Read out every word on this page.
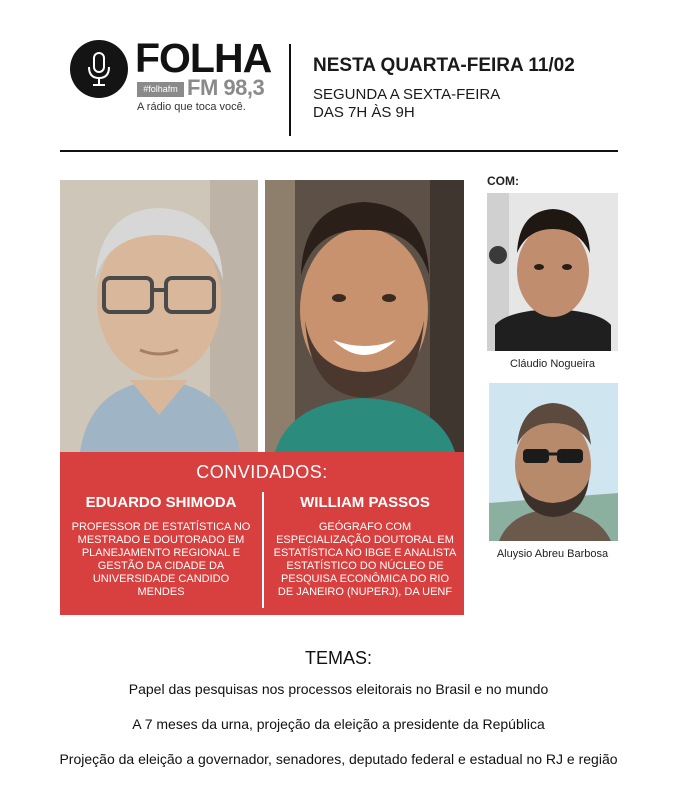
FOLHA
#folhafm FM 98,3
A rádio que toca você.
NESTA QUARTA-FEIRA 11/02
SEGUNDA A SEXTA-FEIRA
DAS 7H ÀS 9H
CONVIDADOS:
EDUARDO SHIMODA
PROFESSOR DE ESTATÍSTICA NO MESTRADO E DOUTORADO EM PLANEJAMENTO REGIONAL E GESTÃO DA CIDADE DA UNIVERSIDADE CANDIDO MENDES
WILLIAM PASSOS
GEÓGRAFO COM ESPECIALIZAÇÃO DOUTORAL EM ESTATÍSTICA NO IBGE E ANALISTA ESTATÍSTICO DO NÚCLEO DE PESQUISA ECONÔMICA DO RIO DE JANEIRO (NUPERJ), DA UENF
COM:
Cláudio Nogueira
Aluysio Abreu Barbosa
TEMAS:
Papel das pesquisas nos processos eleitorais no Brasil e no mundo
A 7 meses da urna, projeção da eleição a presidente da República
Projeção da eleição a governador, senadores, deputado federal e estadual no RJ e região
